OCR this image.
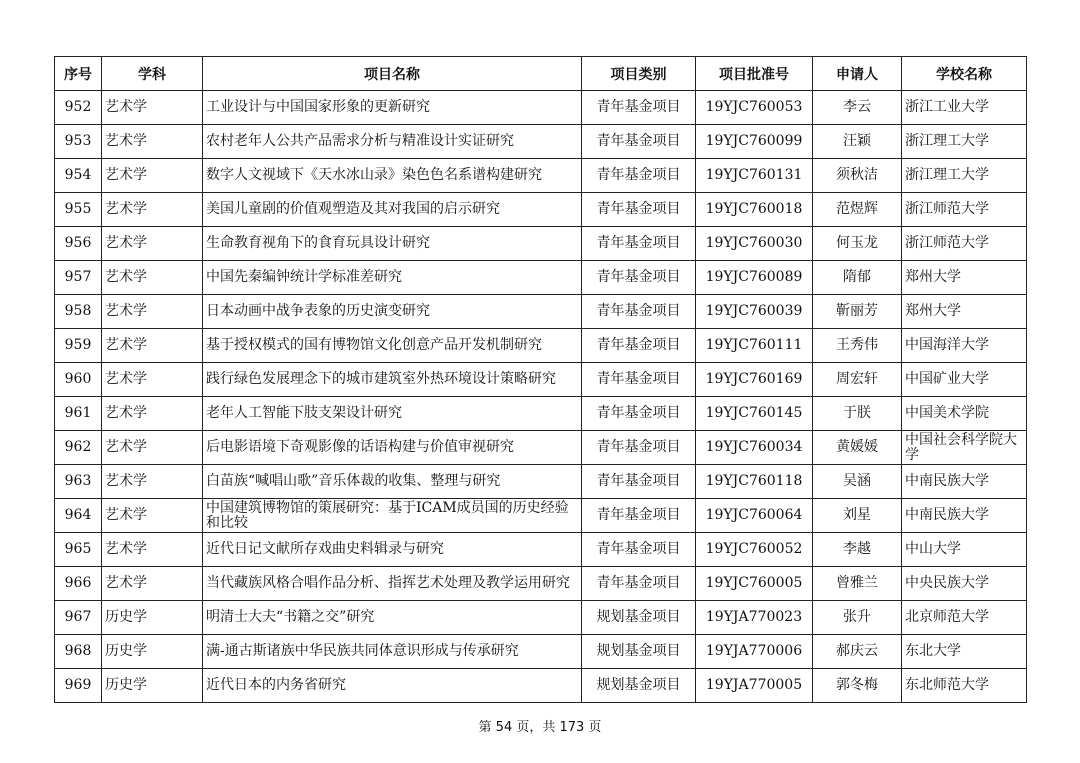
序号	学科	项目名称	项目类别	项目批准号	申请人	学校名称
952	艺术学	工业设计与中国国家形象的更新研究	青年基金项目	19YJC760053	李云	浙江工业大学
953	艺术学	农村老年人公共产品需求分析与精准设计实证研究	青年基金项目	19YJC760099	汪颖	浙江理工大学
954	艺术学	数字人文视域下《天水冰山录》染色色名系谱构建研究	青年基金项目	19YJC760131	须秋洁	浙江理工大学
955	艺术学	美国儿童剧的价值观塑造及其对我国的启示研究	青年基金项目	19YJC760018	范煜辉	浙江师范大学
956	艺术学	生命教育视角下的食育玩具设计研究	青年基金项目	19YJC760030	何玉龙	浙江师范大学
957	艺术学	中国先秦编钟统计学标准差研究	青年基金项目	19YJC760089	隋郁	郑州大学
958	艺术学	日本动画中战争表象的历史演变研究	青年基金项目	19YJC760039	靳丽芳	郑州大学
959	艺术学	基于授权模式的国有博物馆文化创意产品开发机制研究	青年基金项目	19YJC760111	王秀伟	中国海洋大学
960	艺术学	践行绿色发展理念下的城市建筑室外热环境设计策略研究	青年基金项目	19YJC760169	周宏轩	中国矿业大学
961	艺术学	老年人工智能下肢支架设计研究	青年基金项目	19YJC760145	于朕	中国美术学院
962	艺术学	后电影语境下奇观影像的话语构建与价值审视研究	青年基金项目	19YJC760034	黄媛媛	中国社会科学院大学
963	艺术学	白苗族“喊唱山歌”音乐体裁的收集、整理与研究	青年基金项目	19YJC760118	吴涵	中南民族大学
964	艺术学	中国建筑博物馆的策展研究：基于ICAM成员国的历史经验和比较	青年基金项目	19YJC760064	刘星	中南民族大学
965	艺术学	近代日记文献所存戏曲史料辑录与研究	青年基金项目	19YJC760052	李越	中山大学
966	艺术学	当代藏族风格合唱作品分析、指挥艺术处理及教学运用研究	青年基金项目	19YJC760005	曾雅兰	中央民族大学
967	历史学	明清士大夫“书籍之交”研究	规划基金项目	19YJA770023	张升	北京师范大学
968	历史学	满-通古斯诸族中华民族共同体意识形成与传承研究	规划基金项目	19YJA770006	郝庆云	东北大学
969	历史学	近代日本的内务省研究	规划基金项目	19YJA770005	郭冬梅	东北师范大学
第 54 页，共 173 页
